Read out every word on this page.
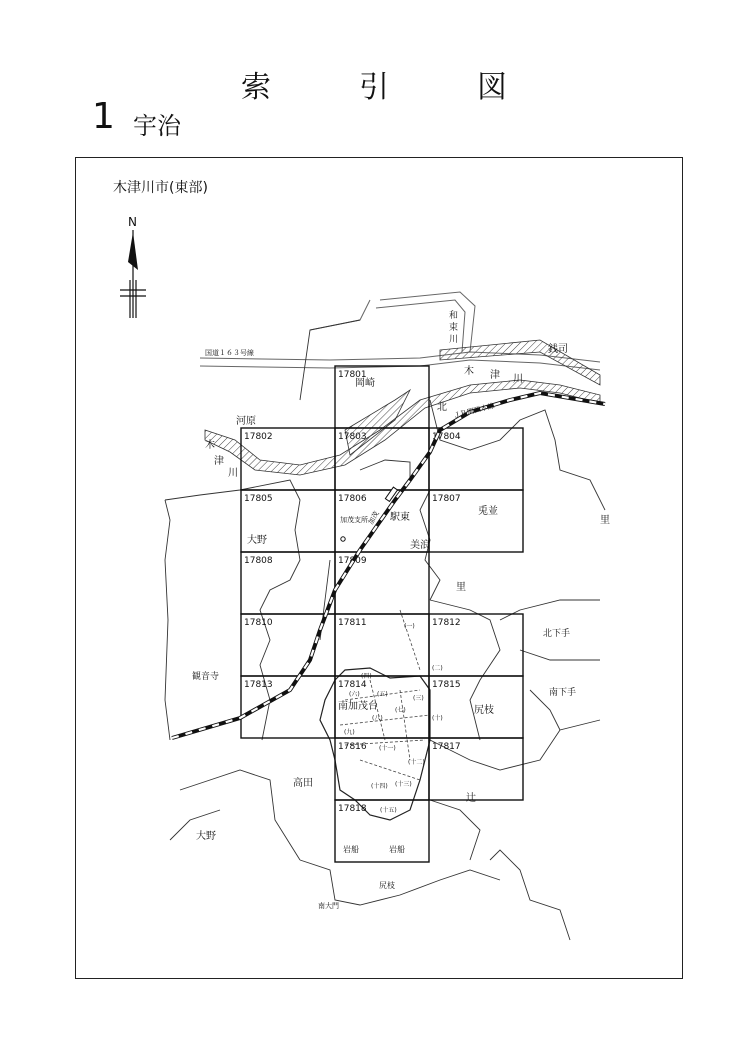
索	引	図
1 宇治
木津川市(東部)
N
国道１６３号線
木 津 川
木
津
川
和
束
川
17801
17802	17803	17804
17805	17806	17807
17808	17809
17810	17811	17812
17813	17814	17815
17816	17817
17818
ＪＲ関西本線
加茂
加茂支所
岡崎
河原
北
銭司
駅東
兎並
大野	美浪
里
里
北下手
南下手
観音寺
南加茂台	尻枝
辻
高田
大野
岩船	岩船
尻枝
南大門
(一)
(二)
(三)
(四)
(五)
(六)
(七)
(八)
(九)
(十)
(十一)
(十二)
(十三)
(十四)
(十五)
